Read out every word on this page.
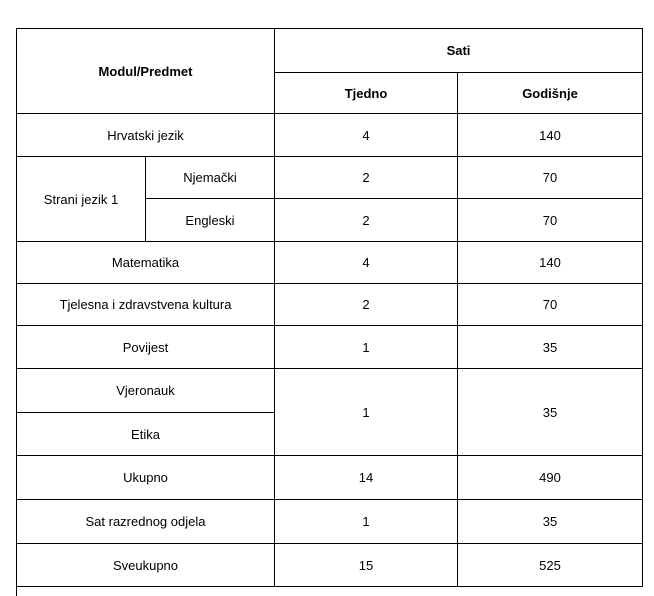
Modul/Predmet		Sati	
		Tjedno	Godišnje
Hrvatski jezik		4	140
Strani jezik 1	Njemački	2	70
	Engleski	2	70
Matematika		4	140
Tjelesna i zdravstvena kultura		2	70
Povijest		1	35
Vjeronauk		1	35
Etika			
Ukupno		14	490
Sat razrednog odjela		1	35
Sveukupno		15	525
